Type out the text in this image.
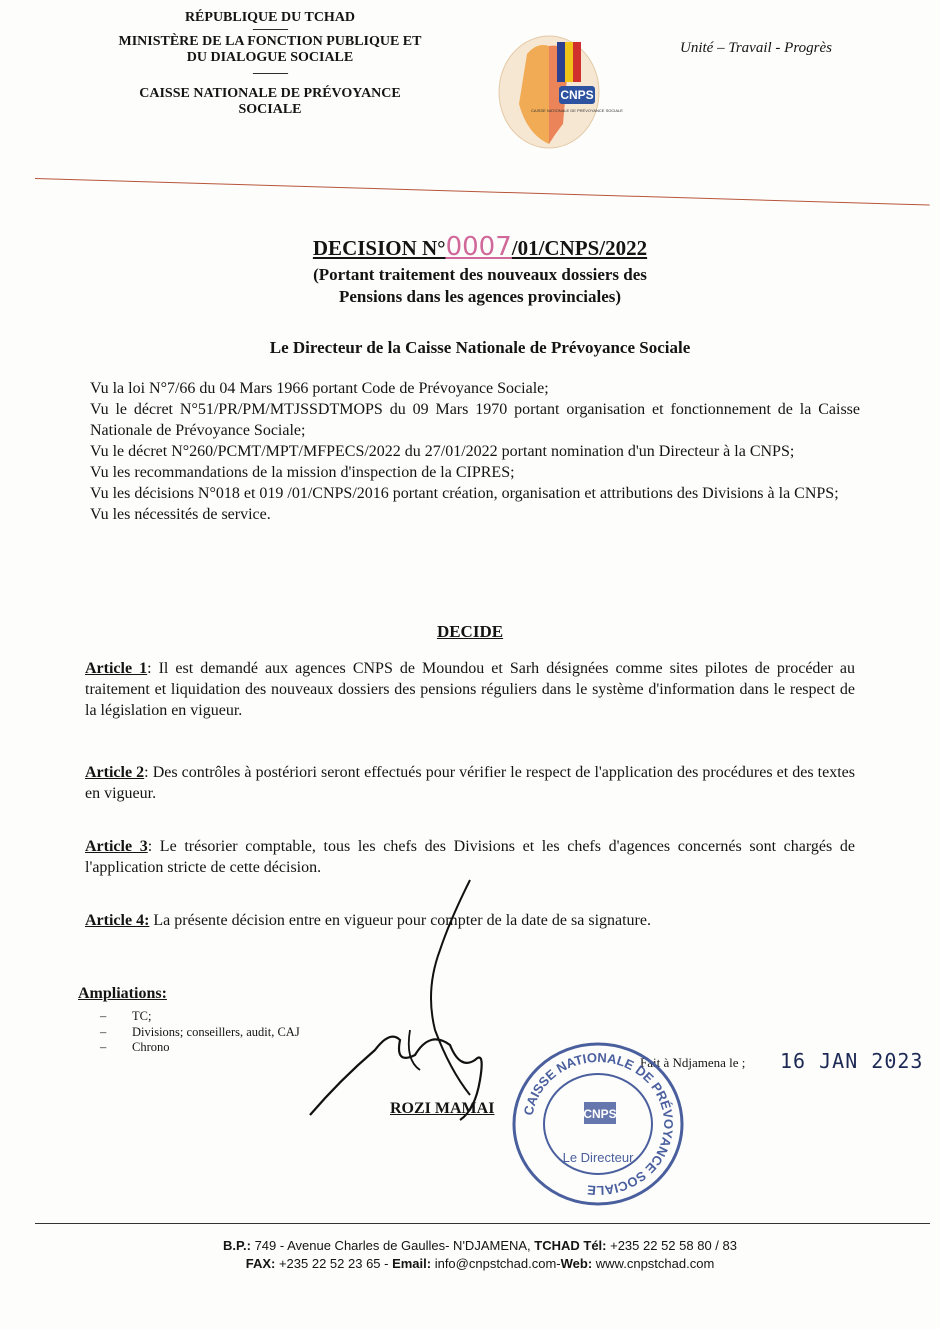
RÉPUBLIQUE DU TCHAD
---------------
MINISTÈRE DE LA FONCTION PUBLIQUE ET
DU DIALOGUE SOCIALE
---------------
CAISSE NATIONALE DE PRÉVOYANCE
SOCIALE
Unité – Travail - Progrès
CNPS
CAISSE NATIONALE DE PRÉVOYANCE SOCIALE
DECISION N°0007/01/CNPS/2022
(Portant traitement des nouveaux dossiers des
Pensions dans les agences provinciales)
Le Directeur de la Caisse Nationale de Prévoyance Sociale

Vu la loi N°7/66 du 04 Mars 1966 portant Code de Prévoyance Sociale;

Vu le décret N°51/PR/PM/MTJSSDTMOPS du 09 Mars 1970 portant organisation et fonctionnement de la Caisse Nationale de Prévoyance Sociale;

Vu le décret N°260/PCMT/MPT/MFPECS/2022 du 27/01/2022 portant nomination d'un Directeur à la CNPS;

Vu les recommandations de la mission d'inspection de la CIPRES;

Vu les décisions N°018 et 019 /01/CNPS/2016 portant création, organisation et attributions des Divisions à la CNPS;

Vu les nécessités de service.

DECIDE

Article 1: Il est demandé aux agences CNPS de Moundou et Sarh désignées comme sites pilotes de procéder au traitement et liquidation des nouveaux dossiers des pensions réguliers dans le système d'information dans le respect de la législation en vigueur.

Article 2: Des contrôles à postériori seront effectués pour vérifier le respect de l'application des procédures et des textes en vigueur.

Article 3: Le trésorier comptable, tous les chefs des Divisions et les chefs d'agences concernés sont chargés de l'application stricte de cette décision.

Article 4: La présente décision entre en vigueur pour compter de la date de sa signature.

Ampliations:
– TC;
– Divisions; conseillers, audit, CAJ
– Chrono
Fait à Ndjamena le ; 16 JAN 2023
ROZI MAMAI CAISSE NATIONALE DE PRÉVOYANCE SOCIALE
CNPS
Le Directeur
B.P.: 749 - Avenue Charles de Gaulles- N'DJAMENA, TCHAD Tél: +235 22 52 58 80 / 83
FAX: +235 22 52 23 65 - Email: info@cnpstchad.com-Web: www.cnpstchad.com
